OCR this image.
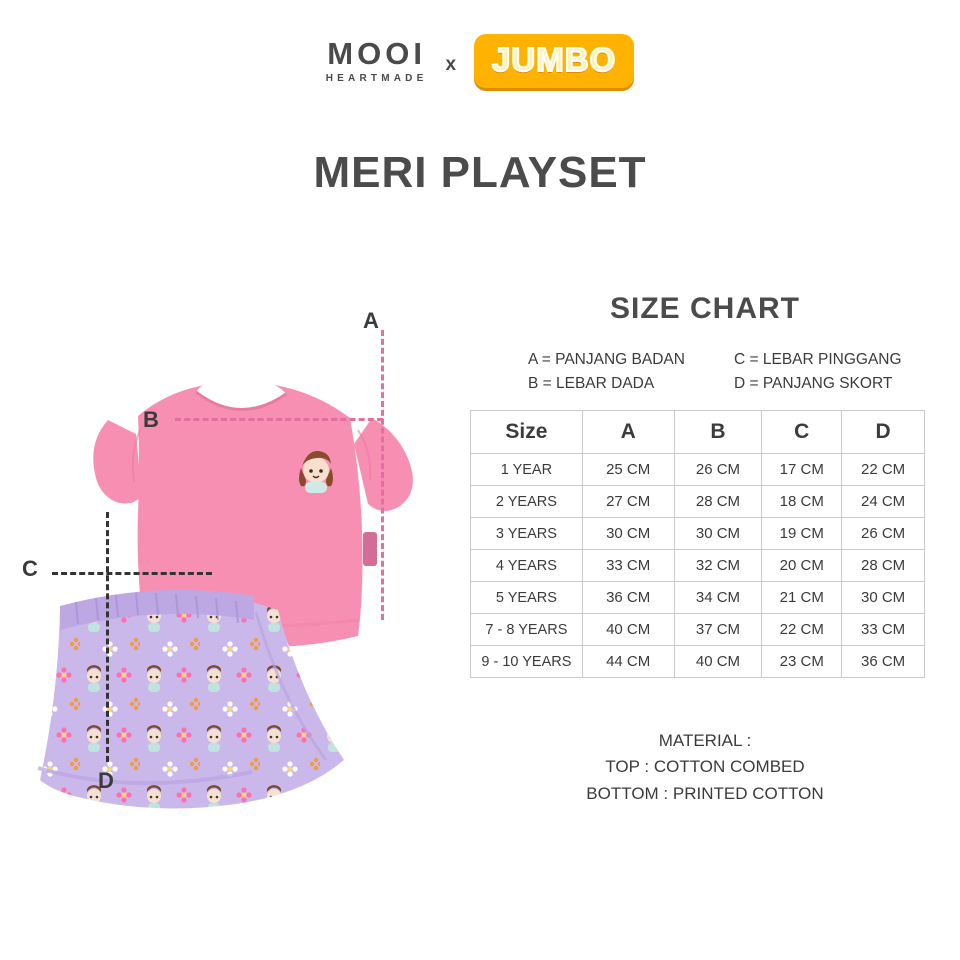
MOOI
HEARTMADE
x JUMBO
MERI PLAYSET
A
B
C
D
SIZE CHART
A = PANJANG BADAN	C = LEBAR PINGGANG
B = LEBAR DADA	D = PANJANG SKORT
Size	A	B	C	D
1 YEAR	25 CM	26 CM	17 CM	22 CM
2 YEARS	27 CM	28 CM	18 CM	24 CM
3 YEARS	30 CM	30 CM	19 CM	26 CM
4 YEARS	33 CM	32 CM	20 CM	28 CM
5 YEARS	36 CM	34 CM	21 CM	30 CM
7 - 8 YEARS	40 CM	37 CM	22 CM	33 CM
9 - 10 YEARS	44 CM	40 CM	23 CM	36 CM
MATERIAL :
TOP : COTTON COMBED
BOTTOM : PRINTED COTTON
